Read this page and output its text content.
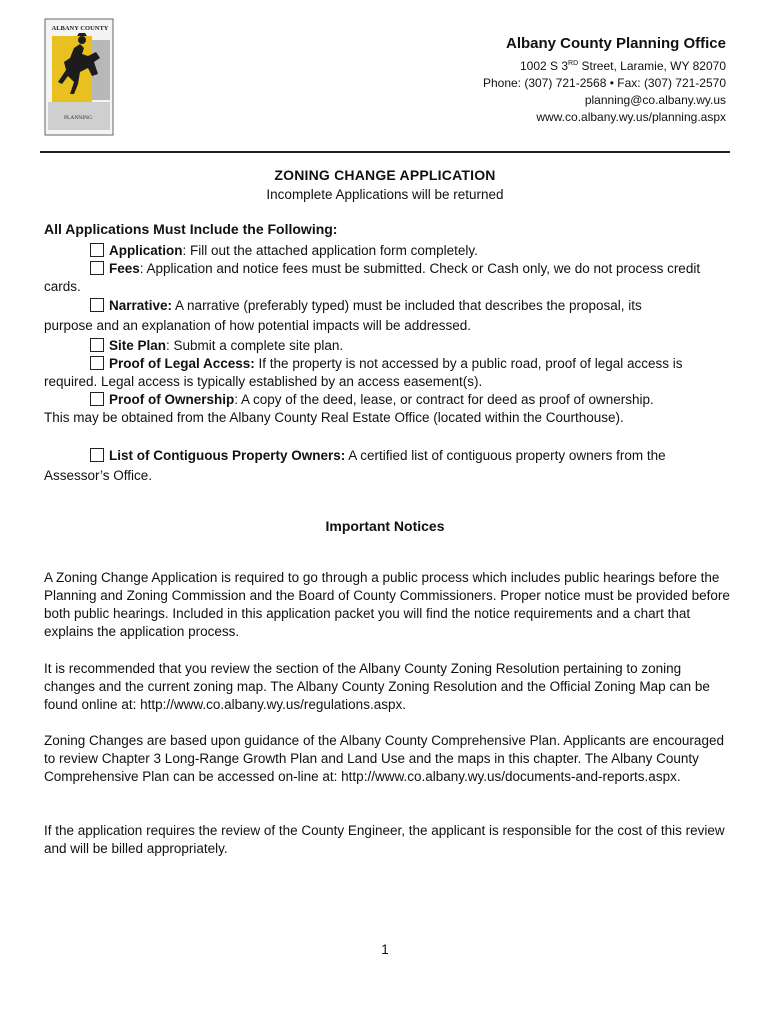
ALBANY COUNTY
PLANNING
Albany County Planning Office
1002 S 3RD Street, Laramie, WY 82070
Phone: (307) 721-2568 • Fax: (307) 721-2570
planning@co.albany.wy.us
www.co.albany.wy.us/planning.aspx
ZONING CHANGE APPLICATION
Incomplete Applications will be returned
All Applications Must Include the Following:
Application: Fill out the attached application form completely.
Fees: Application and notice fees must be submitted. Check or Cash only, we do not process credit cards.
Narrative: A narrative (preferably typed) must be included that describes the proposal, its purpose and an explanation of how potential impacts will be addressed.
Site Plan: Submit a complete site plan.
Proof of Legal Access: If the property is not accessed by a public road, proof of legal access is required. Legal access is typically established by an access easement(s).
Proof of Ownership: A copy of the deed, lease, or contract for deed as proof of ownership. This may be obtained from the Albany County Real Estate Office (located within the Courthouse).
List of Contiguous Property Owners: A certified list of contiguous property owners from the Assessor’s Office.
Important Notices
A Zoning Change Application is required to go through a public process which includes public hearings before the Planning and Zoning Commission and the Board of County Commissioners. Proper notice must be provided before both public hearings. Included in this application packet you will find the notice requirements and a chart that explains the application process.
It is recommended that you review the section of the Albany County Zoning Resolution pertaining to zoning changes and the current zoning map. The Albany County Zoning Resolution and the Official Zoning Map can be found online at: http://www.co.albany.wy.us/regulations.aspx.
Zoning Changes are based upon guidance of the Albany County Comprehensive Plan. Applicants are encouraged to review Chapter 3 Long-Range Growth Plan and Land Use and the maps in this chapter. The Albany County Comprehensive Plan can be accessed on-line at: http://www.co.albany.wy.us/documents-and-reports.aspx.
If the application requires the review of the County Engineer, the applicant is responsible for the cost of this review and will be billed appropriately.
1
